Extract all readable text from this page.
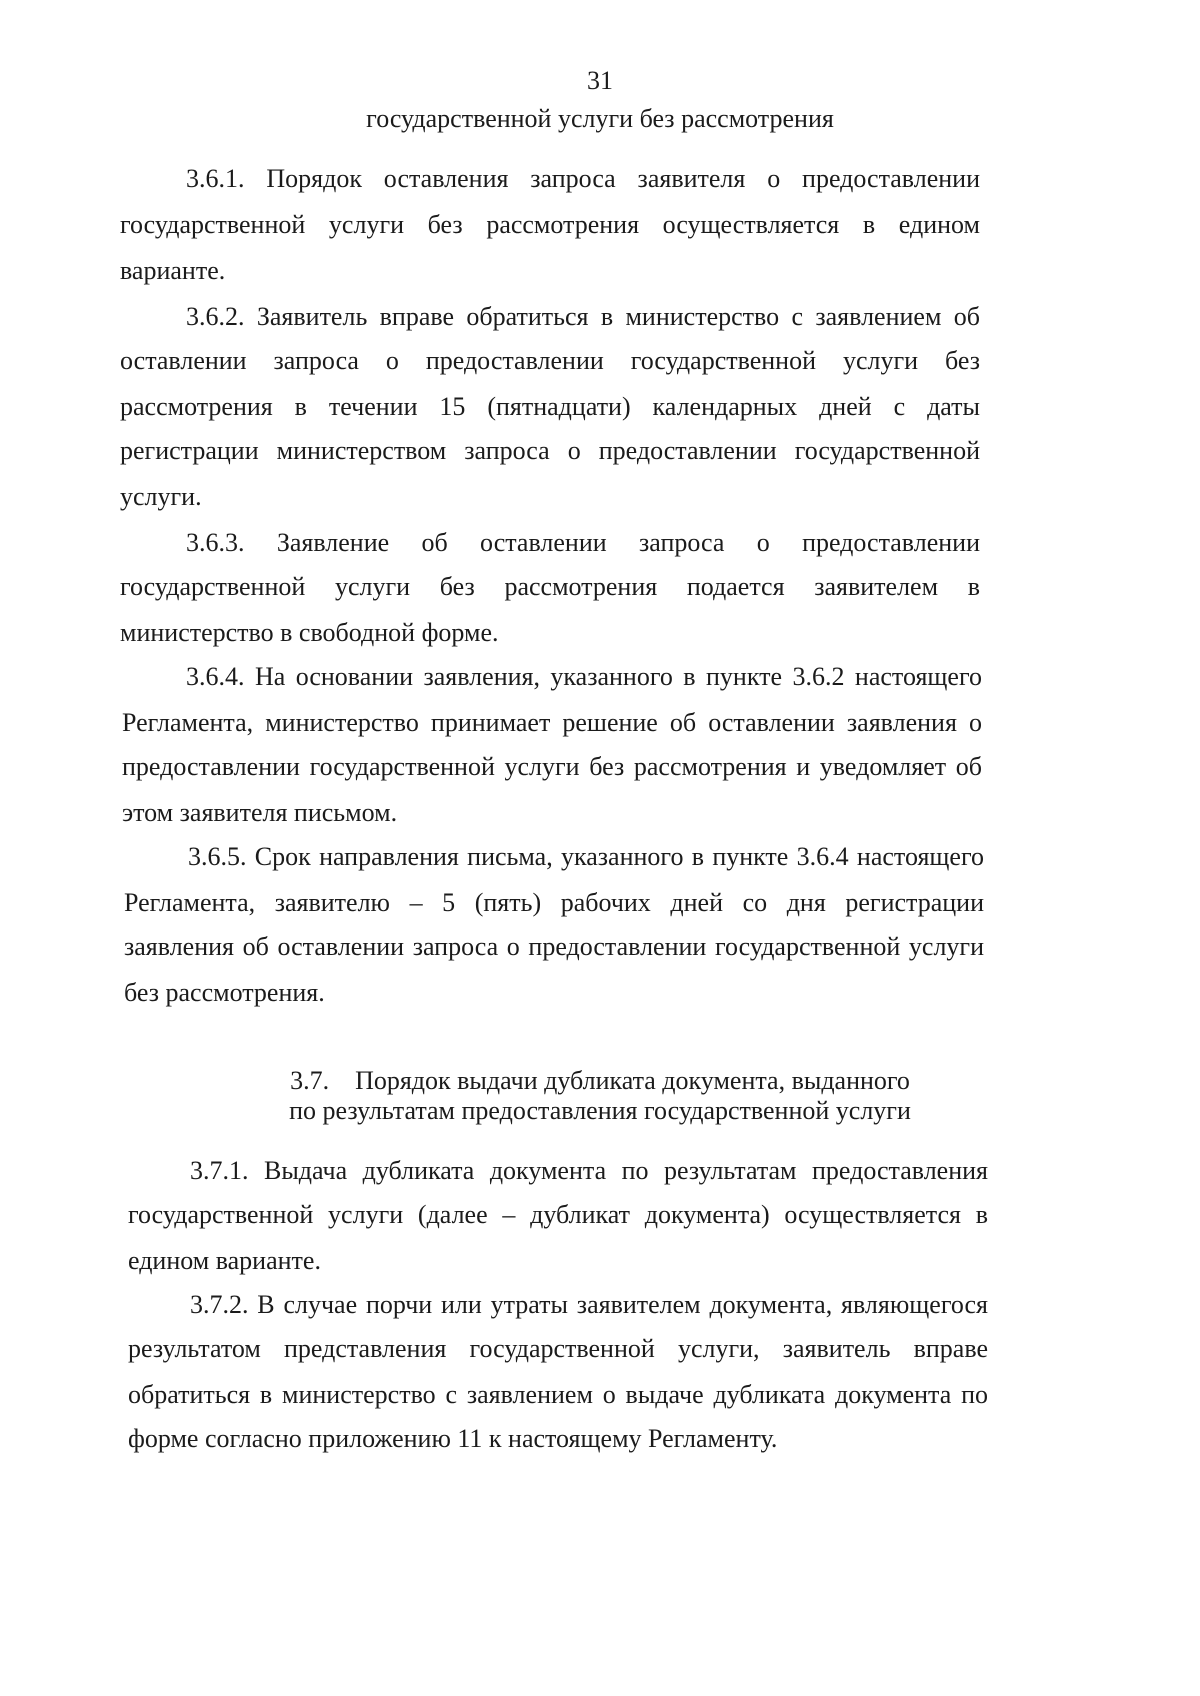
31
государственной услуги без рассмотрения
3.6.1. Порядок оставления запроса заявителя о предоставлении
государственной услуги без рассмотрения осуществляется в едином
варианте.
3.6.2. Заявитель вправе обратиться в министерство с заявлением об
оставлении запроса о предоставлении государственной услуги без
рассмотрения в течении 15 (пятнадцати) календарных дней с даты
регистрации министерством запроса о предоставлении государственной
услуги.
3.6.3. Заявление об оставлении запроса о предоставлении
государственной услуги без рассмотрения подается заявителем в
министерство в свободной форме.
3.6.4. На основании заявления, указанного в пункте 3.6.2 настоящего
Регламента, министерство принимает решение об оставлении заявления о
предоставлении государственной услуги без рассмотрения и уведомляет об
этом заявителя письмом.
3.6.5. Срок направления письма, указанного в пункте 3.6.4 настоящего
Регламента, заявителю – 5 (пять) рабочих дней со дня регистрации
заявления об оставлении запроса о предоставлении государственной услуги
без рассмотрения.
3.7. Порядок выдачи дубликата документа, выданного
по результатам предоставления государственной услуги
3.7.1. Выдача дубликата документа по результатам предоставления
государственной услуги (далее – дубликат документа) осуществляется в
едином варианте.
3.7.2. В случае порчи или утраты заявителем документа, являющегося
результатом представления государственной услуги, заявитель вправе
обратиться в министерство с заявлением о выдаче дубликата документа по
форме согласно приложению 11 к настоящему Регламенту.
